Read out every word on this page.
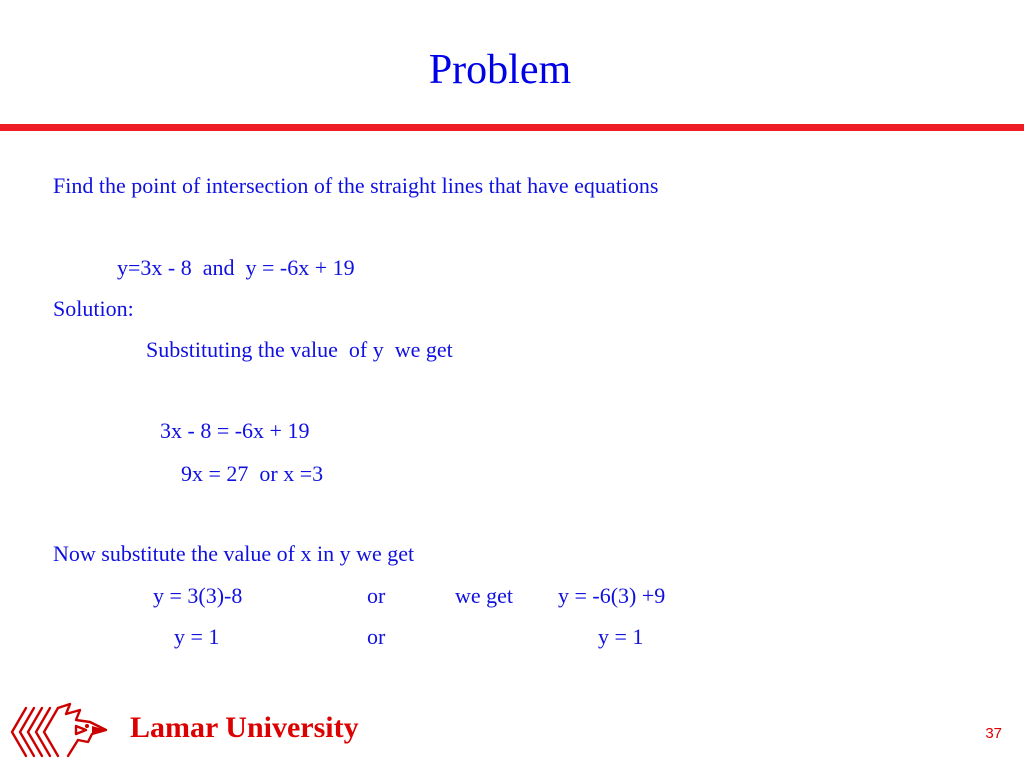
Problem
Find the point of intersection of the straight lines that have equations
y=3x - 8  and  y = -6x + 19
Solution:
Substituting the value  of y  we get
3x - 8 = -6x + 19
9x = 27  or x =3
Now substitute the value of x in y we get
y = 3(3)-8	or	we get y = -6(3) +9
y = 1	or	y = 1
Lamar University	37
